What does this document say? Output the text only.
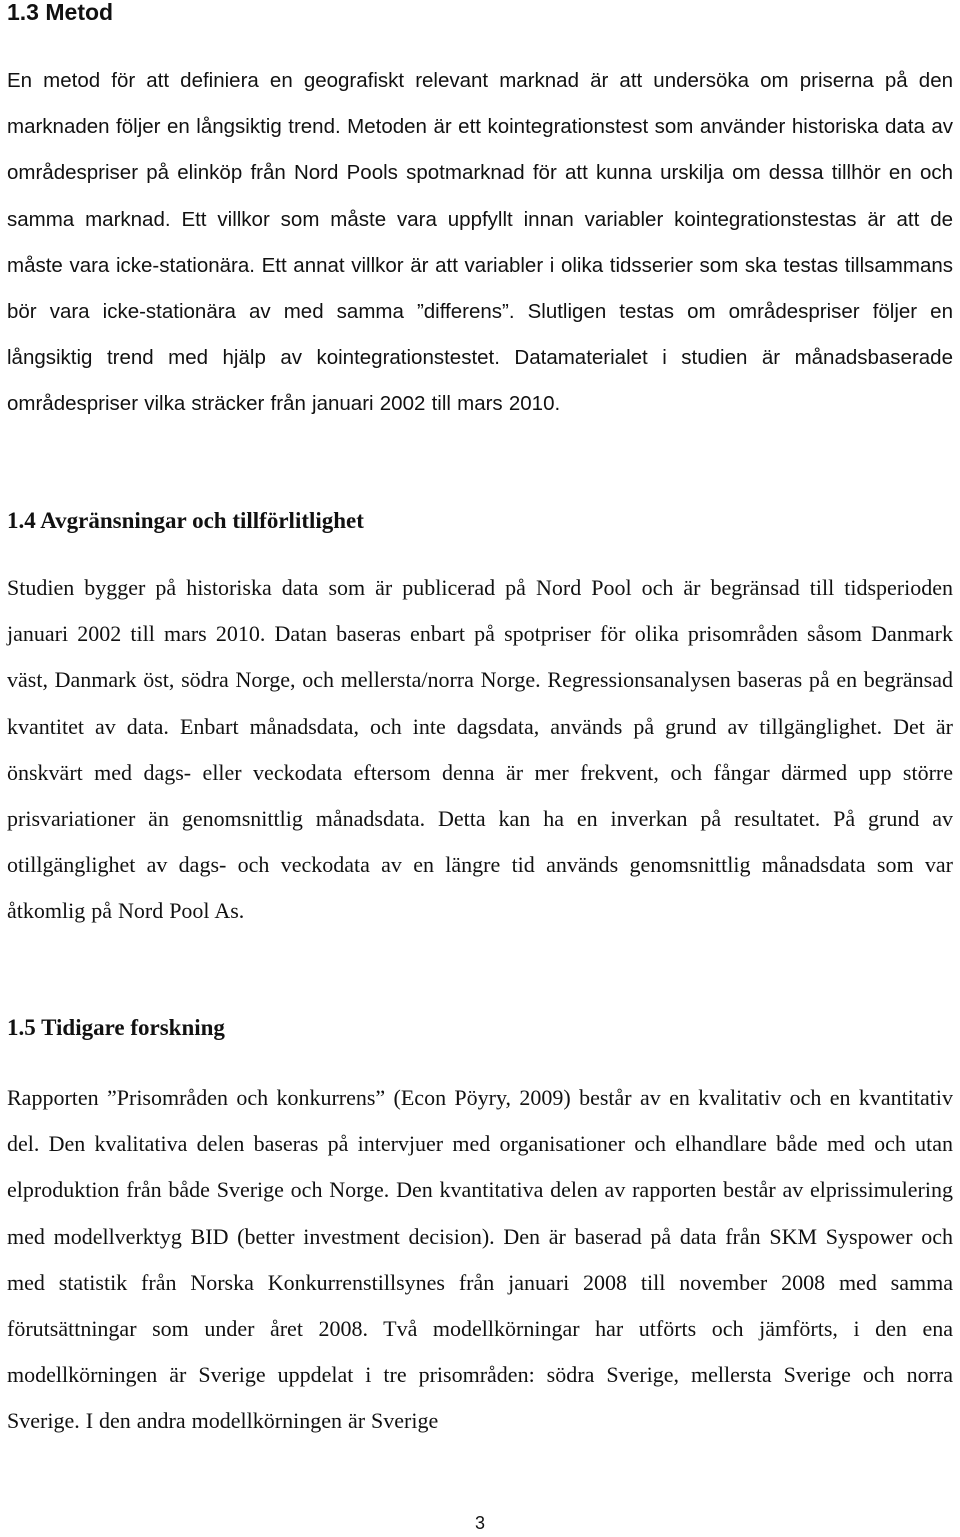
1.3 Metod

En metod för att definiera en geografiskt relevant marknad är att undersöka om priserna på den marknaden följer en långsiktig trend. Metoden är ett kointegrationstest som använder historiska data av områdespriser på elinköp från Nord Pools spotmarknad för att kunna urskilja om dessa tillhör en och samma marknad. Ett villkor som måste vara uppfyllt innan variabler kointegrationstestas är att de måste vara icke-stationära. Ett annat villkor är att variabler i olika tidsserier som ska testas tillsammans bör vara icke-stationära av med samma ”differens”. Slutligen testas om områdespriser följer en långsiktig trend med hjälp av kointegrationstestet. Datamaterialet i studien är månadsbaserade områdespriser vilka sträcker från januari 2002 till mars 2010.

1.4 Avgränsningar och tillförlitlighet

Studien bygger på historiska data som är publicerad på Nord Pool och är begränsad till tidsperioden januari 2002 till mars 2010. Datan baseras enbart på spotpriser för olika prisområden såsom Danmark väst, Danmark öst, södra Norge, och mellersta/norra Norge. Regressionsanalysen baseras på en begränsad kvantitet av data. Enbart månadsdata, och inte dagsdata, används på grund av tillgänglighet. Det är önskvärt med dags- eller veckodata eftersom denna är mer frekvent, och fångar därmed upp större prisvariationer än genomsnittlig månadsdata. Detta kan ha en inverkan på resultatet. På grund av otillgänglighet av dags- och veckodata av en längre tid används genomsnittlig månadsdata som var åtkomlig på Nord Pool As.

1.5 Tidigare forskning

Rapporten ”Prisområden och konkurrens” (Econ Pöyry, 2009) består av en kvalitativ och en kvantitativ del. Den kvalitativa delen baseras på intervjuer med organisationer och elhandlare både med och utan elproduktion från både Sverige och Norge. Den kvantitativa delen av rapporten består av elprissimulering med modellverktyg BID (better investment decision). Den är baserad på data från SKM Syspower och med statistik från Norska Konkurrenstillsynes från januari 2008 till november 2008 med samma förutsättningar som under året 2008. Två modellkörningar har utförts och jämförts, i den ena modellkörningen är Sverige uppdelat i tre prisområden: södra Sverige, mellersta Sverige och norra Sverige. I den andra modellkörningen är Sverige

3
